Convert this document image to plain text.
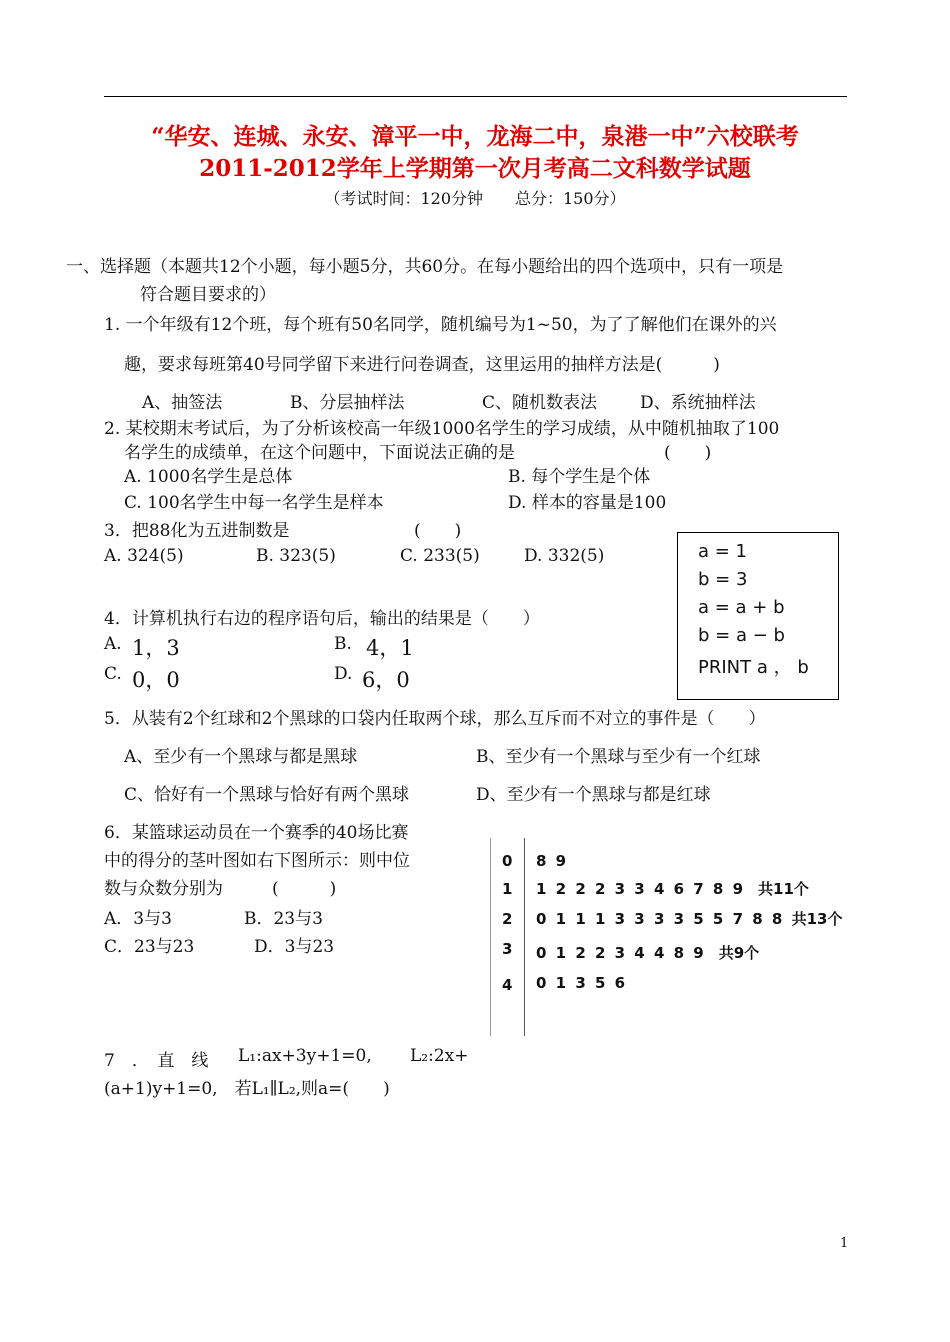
“华安、连城、永安、漳平一中，龙海二中，泉港一中”六校联考
2011-2012学年上学期第一次月考高二文科数学试题
（考试时间：120分钟　　总分：150分）
一、选择题（本题共12个小题，每小题5分，共60分。在每小题给出的四个选项中，只有一项是
符合题目要求的）
1. 一个年级有12个班，每个班有50名同学，随机编号为1~50，为了了解他们在课外的兴
趣，要求每班第40号同学留下来进行问卷调查，这里运用的抽样方法是(　　　)
A、抽签法	B、分层抽样法	C、随机数表法	D、系统抽样法
2. 某校期末考试后，为了分析该校高一年级1000名学生的学习成绩，从中随机抽取了100
名学生的成绩单，在这个问题中，下面说法正确的是	(　　)
A. 1000名学生是总体	B. 每个学生是个体
C. 100名学生中每一名学生是样本	D. 样本的容量是100
3．把88化为五进制数是	(　　)
A. 324(5)	B. 323(5)	C. 233(5)	D. 332(5)	a = 1
b = 3
a = a + b
b = a − b
PRINT a ， b
4．计算机执行右边的程序语句后，输出的结果是（　　）
A. 1，3	B. 4，1
C. 0，0	D. 6，0
5．从装有2个红球和2个黑球的口袋内任取两个球，那么互斥而不对立的事件是（　　）
A、至少有一个黑球与都是黑球	B、至少有一个黑球与至少有一个红球
C、恰好有一个黑球与恰好有两个黑球	D、至少有一个黑球与都是红球
6．某篮球运动员在一个赛季的40场比赛
中的得分的茎叶图如右下图所示：则中位
数与众数分别为	(　　　)
A．3与3	B．23与3
C．23与23	D．3与23
0 8 9
1 1 2 2 2 3 3 4 6 7 8 9　 共11个
2 0 1 1 1 3 3 3 3 5 5 7 8 8 共13个
3 0 1 2 2 3 4 4 8 9　 共9个
4 0 1 3 5 6
7　．　直　线 L₁:ax+3y+1=0, L₂:2x+
(a+1)y+1=0,　若L₁∥L₂,则a=(　　)
1
